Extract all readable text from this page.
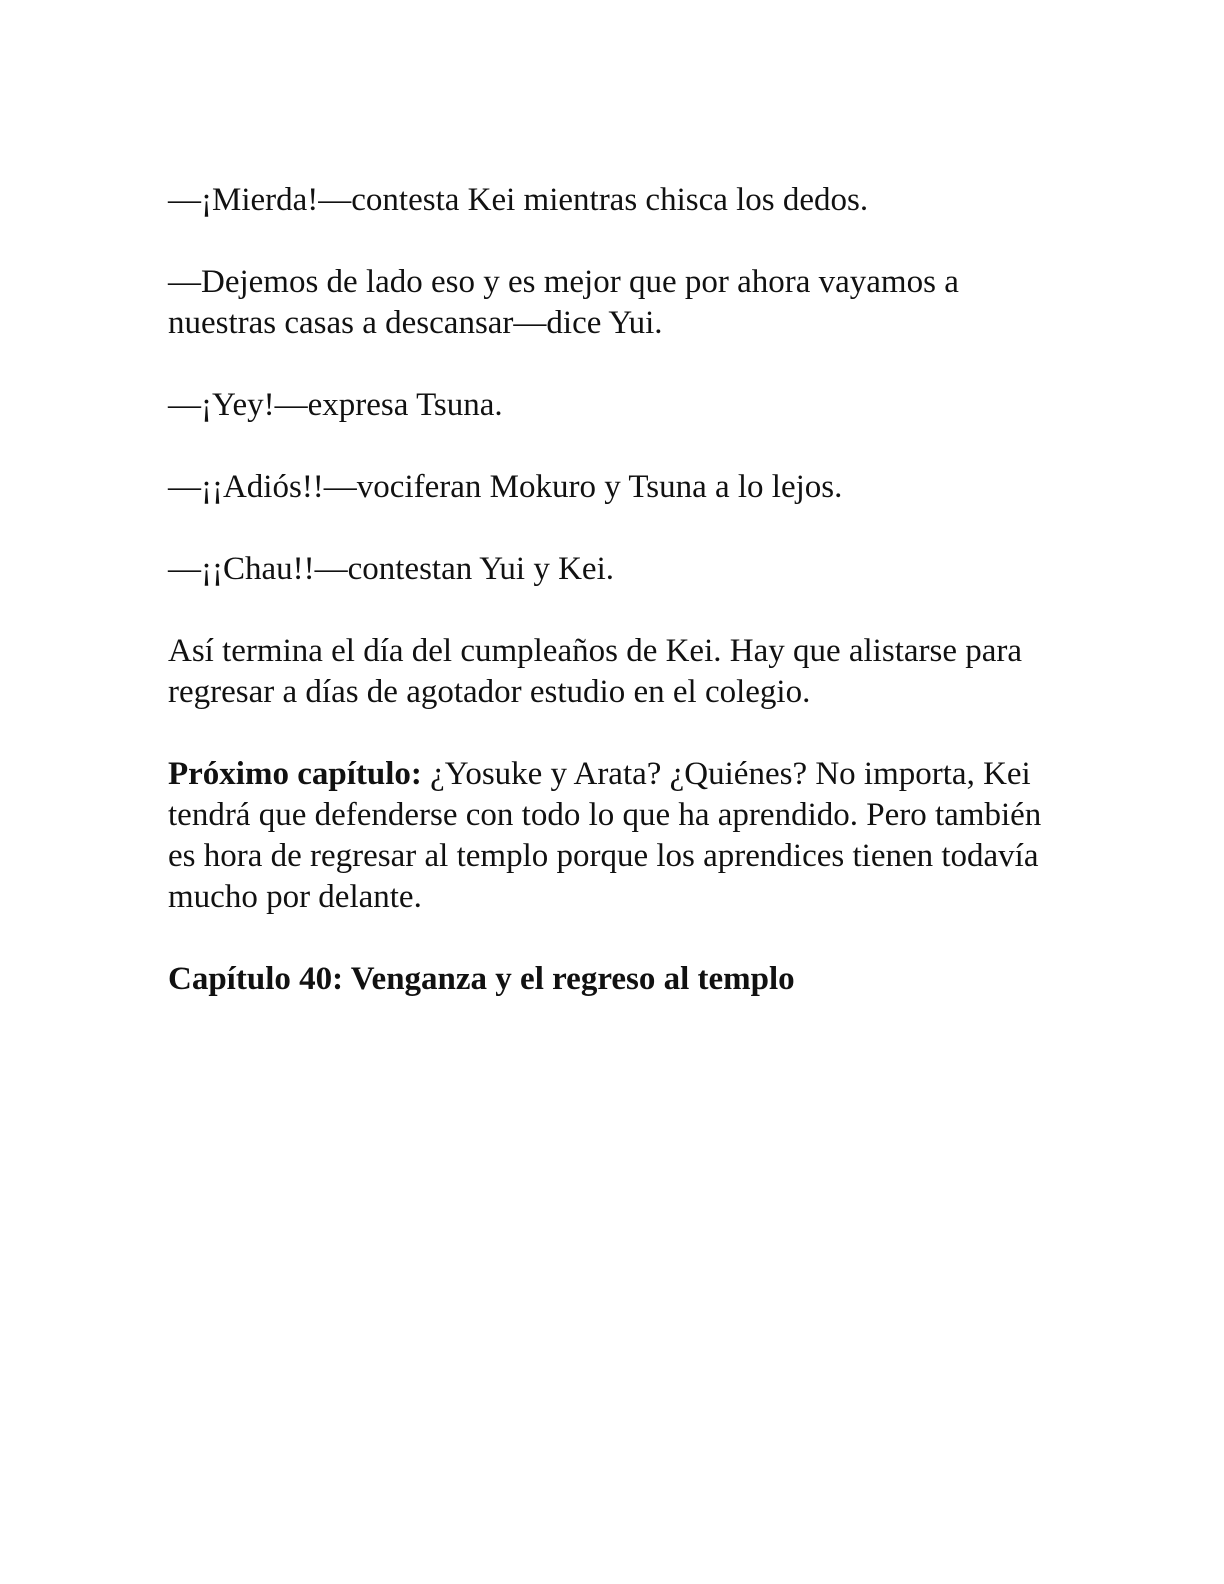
—¡Mierda!—contesta Kei mientras chisca los dedos.

—Dejemos de lado eso y es mejor que por ahora vayamos a nuestras casas a descansar—dice Yui.

—¡Yey!—expresa Tsuna.

—¡¡Adiós!!—vociferan Mokuro y Tsuna a lo lejos.

—¡¡Chau!!—contestan Yui y Kei.

Así termina el día del cumpleaños de Kei. Hay que alistarse para regresar a días de agotador estudio en el colegio.

Próximo capítulo: ¿Yosuke y Arata? ¿Quiénes? No importa, Kei tendrá que defenderse con todo lo que ha aprendido. Pero también es hora de regresar al templo porque los aprendices tienen todavía mucho por delante.

Capítulo 40: Venganza y el regreso al templo
